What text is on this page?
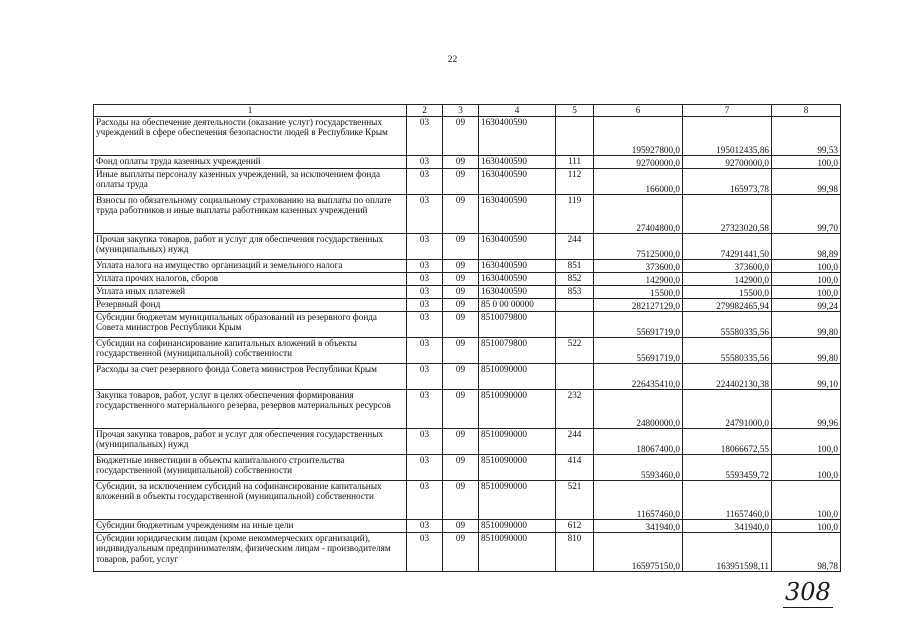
22
1	2	3	4	5	6	7	8
Расходы на обеспечение деятельности (оказание услуг) государственных учреждений в сфере обеспечения безопасности людей в Республике Крым	03	09	1630400590		195927800,0	195012435,86	99,53
Фонд оплаты труда казенных учреждений	03	09	1630400590	111	92700000,0	92700000,0	100,0
Иные выплаты персоналу казенных учреждений, за исключением фонда оплаты труда	03	09	1630400590	112	166000,0	165973,78	99,98
Взносы по обязательному социальному страхованию на выплаты по оплате труда работников и иные выплаты работникам казенных учреждений	03	09	1630400590	119	27404800,0	27323020,58	99,70
Прочая закупка товаров, работ и услуг для обеспечения государственных (муниципальных) нужд	03	09	1630400590	244	75125000,0	74291441,50	98,89
Уплата налога на имущество организаций и земельного налога	03	09	1630400590	851	373600,0	373600,0	100,0
Уплата прочих налогов, сборов	03	09	1630400590	852	142900,0	142900,0	100,0
Уплата иных платежей	03	09	1630400590	853	15500,0	15500,0	100,0
Резервный фонд	03	09	85 0 00 00000		282127129,0	279982465,94	99,24
Субсидии бюджетам муниципальных образований из резервного фонда Совета министров Республики Крым	03	09	8510079800		55691719,0	55580335,56	99,80
Субсидии на софинансирование капитальных вложений в объекты государственной (муниципальной) собственности	03	09	8510079800	522	55691719,0	55580335,56	99,80
Расходы за счет резервного фонда Совета министров Республики Крым	03	09	8510090000		226435410,0	224402130,38	99,10
Закупка товаров, работ, услуг в целях обеспечения формирования государственного материального резерва, резервов материальных ресурсов	03	09	8510090000	232	24800000,0	24791000,0	99,96
Прочая закупка товаров, работ и услуг для обеспечения государственных (муниципальных) нужд	03	09	8510090000	244	18067400,0	18066672,55	100,0
Бюджетные инвестиции в объекты капитального строительства государственной (муниципальной) собственности	03	09	8510090000	414	5593460,0	5593459,72	100,0
Субсидии, за исключением субсидий на софинансирование капитальных вложений в объекты государственной (муниципальной) собственности	03	09	8510090000	521	11657460,0	11657460,0	100,0
Субсидии бюджетным учреждениям на иные цели	03	09	8510090000	612	341940,0	341940,0	100,0
Субсидии юридическим лицам (кроме некоммерческих организаций), индивидуальным предпринимателям, физическим лицам - производителям товаров, работ, услуг	03	09	8510090000	810	165975150,0	163951598,11	98,78
308
